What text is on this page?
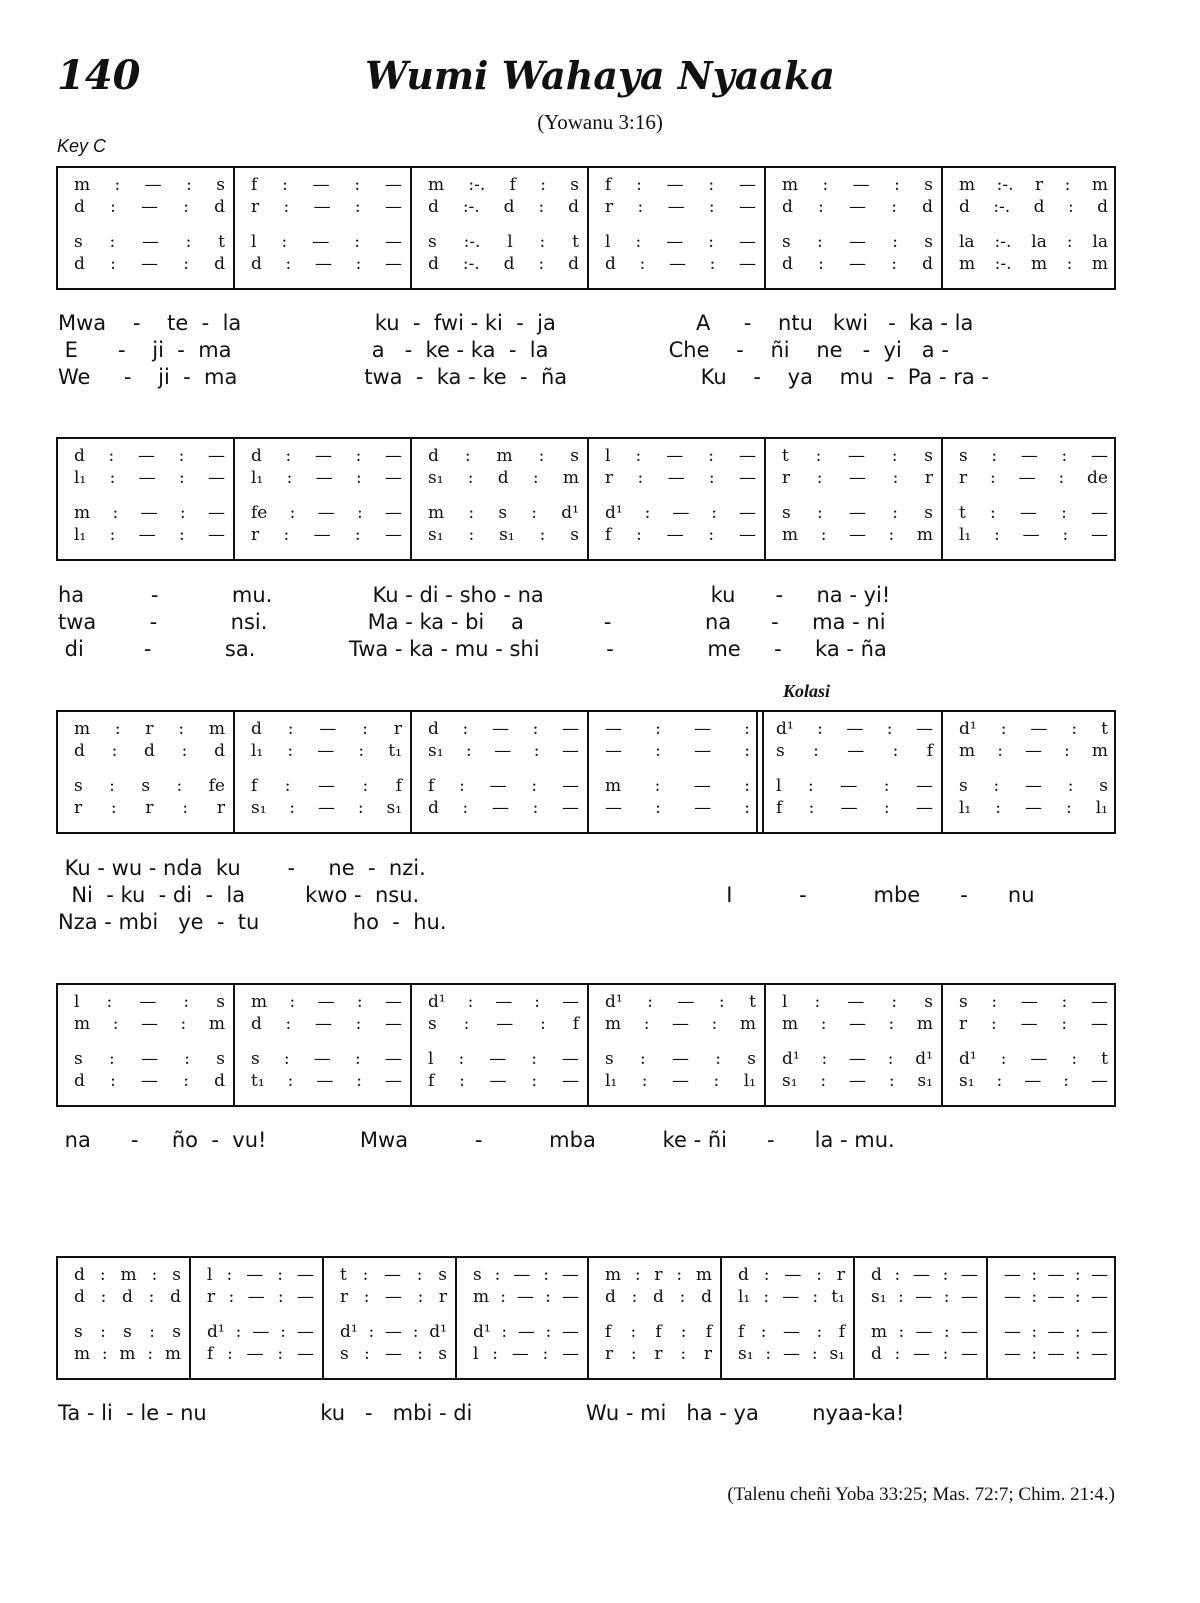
140	Wumi Wahaya Nyaaka
(Yowanu 3:16)
Key C
Kolasi
(Talenu cheñi Yoba 33:25; Mas. 72:7; Chim. 21:4.)
m : — : s
d : — : d
s : — : t
d : — : d
f : — : —
r : — : —
l : — : —
d : — : —
m :-. f : s
d :-. d : d
s :-. l : t
d :-. d : d
f : — : —
r : — : —
l : — : —
d : — : —
m : — : s
d : — : d
s : — : s
d : — : d
m :-. r : m
d :-. d : d
la :-. la : la
m :-. m : m
Mwa    -    te  -  la                    ku  -  fwi - ki  -  ja                     A     -    ntu   kwi   -  ka - la
E      -    ji  -  ma                     a   -  ke - ka  -  la                  Che    -    ñi    ne   -  yi   a -
We     -    ji  -  ma                   twa  -  ka - ke  -  ña                    Ku    -    ya    mu  -  Pa - ra -
d : — : —
l₁ : — : —
m : — : —
l₁ : — : —
d : — : —
l₁ : — : —
fe : — : —
r : — : —
d : m : s
s₁ : d : m
m : s : d¹
s₁ : s₁ : s
l : — : —
r : — : —
d¹ : — : —
f : — : —
t : — : s
r : — : r
s : — : s
m : — : m
s : — : —
r : — : de
t : — : —
l₁ : — : —
ha          -           mu.               Ku - di - sho - na                         ku      -     na - yi!
twa        -           nsi.               Ma - ka - bi    a            -              na      -     ma - ni
di         -           sa.              Twa - ka - mu - shi          -              me     -     ka - ña
m : r : m
d : d : d
s : s : fe
r : r : r
d : — : r
l₁ : — : t₁
f : — : f
s₁ : — : s₁
d : — : —
s₁ : — : —
f : — : —
d : — : —
— : — :
— : — :
m : — :
— : — :
d¹ : — : —
s : — : f
l : — : —
f : — : —
d¹ : — : t
m : — : m
s : — : s
l₁ : — : l₁
Ku - wu - nda  ku       -     ne  -  nzi.
Ni  - ku  - di  -  la         kwo -  nsu.                                              I          -          mbe      -      nu
Nza - mbi   ye  -  tu              ho  -  hu.
l : — : s
m : — : m
s : — : s
d : — : d
m : — : —
d : — : —
s : — : —
t₁ : — : —
d¹ : — : —
s : — : f
l : — : —
f : — : —
d¹ : — : t
m : — : m
s : — : s
l₁ : — : l₁
l : — : s
m : — : m
d¹ : — : d¹
s₁ : — : s₁
s : — : —
r : — : —
d¹ : — : t
s₁ : — : —
na      -     ño  -  vu!              Mwa          -          mba          ke - ñi      -      la - mu.
d : m : s
d : d : d
s : s : s
m : m : m
l : — : —
r : — : —
d¹ : — : —
f : — : —
t : — : s
r : — : r
d¹ : — : d¹
s : — : s
s : — : —
m : — : —
d¹ : — : —
l : — : —
m : r : m
d : d : d
f : f : f
r : r : r
d : — : r
l₁ : — : t₁
f : — : f
s₁ : — : s₁
d : — : —
s₁ : — : —
m : — : —
d : — : —
— : — : —
— : — : —
— : — : —
— : — : —
Ta - li  - le - nu                 ku   -   mbi - di                 Wu - mi   ha - ya        nyaa-ka!
